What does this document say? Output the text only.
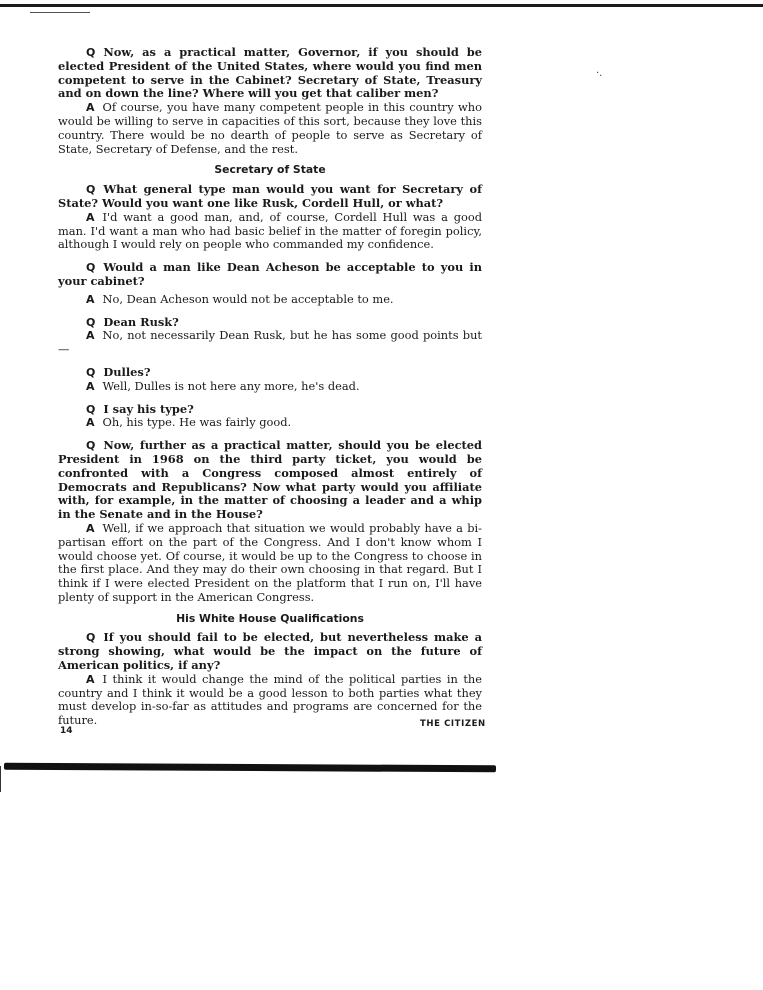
·.

Q Now, as a practical matter, Governor, if you should be elected President of the United States, where would you find men competent to serve in the Cabinet? Secretary of State, Treasury and on down the line? Where will you get that caliber men?

A Of course, you have many competent people in this country who would be willing to serve in capacities of this sort, because they love this country. There would be no dearth of people to serve as Secretary of State, Secretary of Defense, and the rest.

Secretary of State

Q What general type man would you want for Secretary of State? Would you want one like Rusk, Cordell Hull, or what?

A I'd want a good man, and, of course, Cordell Hull was a good man. I'd want a man who had basic belief in the matter of foregin policy, although I would rely on people who commanded my confidence.

Q Would a man like Dean Acheson be acceptable to you in your cabinet?

A No, Dean Acheson would not be acceptable to me.

Q Dean Rusk?

A No, not necessarily Dean Rusk, but he has some good points but—

Q Dulles?

A Well, Dulles is not here any more, he's dead.

Q I say his type?

A Oh, his type. He was fairly good.

Q Now, further as a practical matter, should you be elected President in 1968 on the third party ticket, you would be confronted with a Congress composed almost entirely of Democrats and Republicans? Now what party would you affiliate with, for example, in the matter of choosing a leader and a whip in the Senate and in the House?

A Well, if we approach that situation we would probably have a bi-partisan effort on the part of the Congress. And I don't know whom I would choose yet. Of course, it would be up to the Congress to choose in the first place. And they may do their own choosing in that regard. But I think if I were elected President on the platform that I run on, I'll have plenty of support in the American Congress.

His White House Qualifications

Q If you should fail to be elected, but nevertheless make a strong showing, what would be the impact on the future of American politics, if any?

A I think it would change the mind of the political parties in the country and I think it would be a good lesson to both parties what they must develop in-so-far as attitudes and programs are concerned for the future.

14
THE CITIZEN
